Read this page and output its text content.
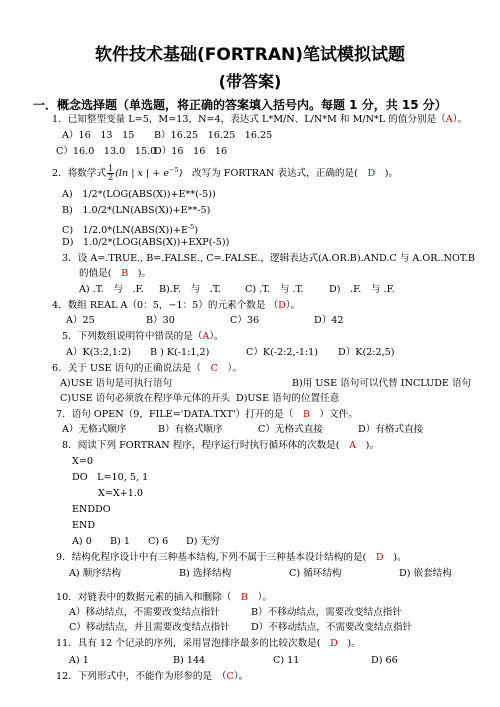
软件技术基础(FORTRAN)笔试模拟试题
(带答案)
一．概念选择题（单选题，将正确的答案填入括号内。每题 1 分，共 15 分）
1．已知整型变量 L=5，M=13，N=4，表达式 L*M/N、L/N*M 和 M/N*L 的值分别是（A）。
A）16　13　15 B）16.25　16.25　16.25
C）16.0　13.0　15.0D）16　16　16
2．将数学式 $\frac{1}{2} (\ln$ | x | + $e^{-5}$)　 改写为 FORTRAN 表达式，正确的是(　 D　 )。
A)　1/2*(LOG(ABS(X))+E**(-5))
B)　1.0/2*(LN(ABS(X))+E**-5)
C)　$1/2.0*(LN(ABS(X))+E^{-5})$
D)　1.0/2*(LOG(ABS(X))+EXP(-5))
3．设 A=.TRUE., B=.FALSE., C=.FALSE.，逻辑表达式(A.OR.B).AND.C 与 A.OR..NOT.B
的值是(　 B　 )。
A) .T.　与　.F. B).F.　与　.T.	C) .T.　与 .T.	D)　.F.　与 .F.
4．数组 REAL A（0：5，−1：5）的元素个数是 （D）。
A）25	B）30	C）36	D）42
5．下列数组说明符中错误的是（A）。
A）K(3:2,1:2) B ) K(-1:1,2)	C）K(-2:2,-1:1) D）K(2:2,5)
6．关于 USE 语句的正确说法是（　 C　 ）。
A)USE 语句是可执行语句	B)用 USE 语句可以代替 INCLUDE 语句
C)USE 语句必须放在程序单元体的开头 D)USE 语句的位置任意
7．语句 OPEN（9，FILE='DATA.TXT'）打开的是（　 B　 ）文件。
A）无格式顺序	B）有格式顺序	C）无格式直接	D）有格式直接
8．阅读下列 FORTRAN 程序，程序运行时执行循环体的次数是(　 A　 )。
X=0
DO　L=10, 5, 1
X=X+1.0
ENDDO
END
A) 0 B) 1 C) 6 D) 无穷
9．结构化程序设计中有三种基本结构,下列不属于三种基本设计结构的是(　 D　 )。
A) 顺序结构	B) 选择结构	C) 循环结构	D) 嵌套结构
10．对链表中的数据元素的插入和删除（　 B　 ）。
A）移动结点，不需要改变结点指针	B）不移动结点，需要改变结点指针
C）移动结点，并且需要改变结点指针 D）不移动结点，不需要改变结点指针
11．具有 12 个记录的序列，采用冒泡排序最多的比较次数是(　 D　 )。
A) 1	B) 144	C) 11	D) 66
12．下列形式中，不能作为形参的是　（C）。
